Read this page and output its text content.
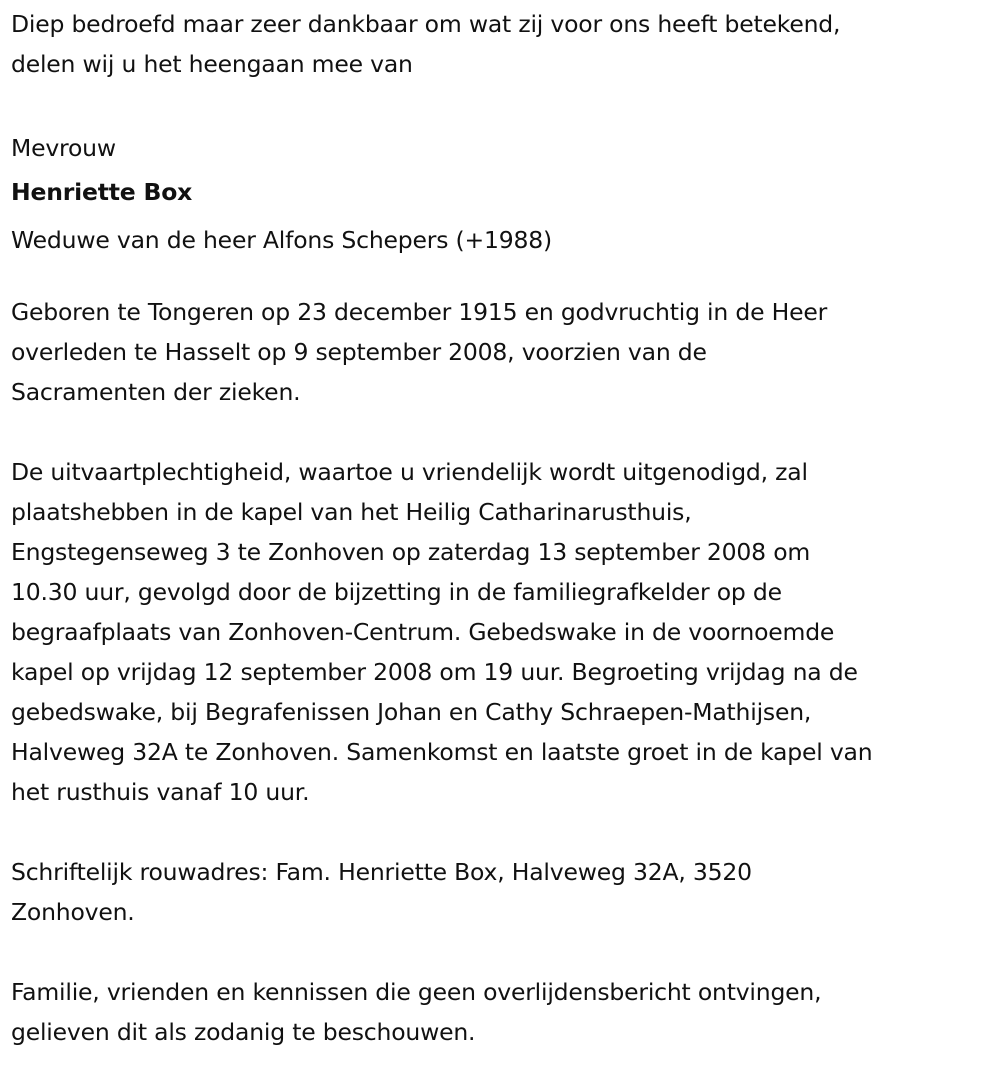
Diep bedroefd maar zeer dankbaar om wat zij voor ons heeft betekend,
delen wij u het heengaan mee van

Mevrouw

Henriette Box

Weduwe van de heer Alfons Schepers (+1988)

Geboren te Tongeren op 23 december 1915 en godvruchtig in de Heer
overleden te Hasselt op 9 september 2008, voorzien van de
Sacramenten der zieken.

De uitvaartplechtigheid, waartoe u vriendelijk wordt uitgenodigd, zal
plaatshebben in de kapel van het Heilig Catharinarusthuis,
Engstegenseweg 3 te Zonhoven op zaterdag 13 september 2008 om
10.30 uur, gevolgd door de bijzetting in de familiegrafkelder op de
begraafplaats van Zonhoven-Centrum. Gebedswake in de voornoemde
kapel op vrijdag 12 september 2008 om 19 uur. Begroeting vrijdag na de
gebedswake, bij Begrafenissen Johan en Cathy Schraepen-Mathijsen,
Halveweg 32A te Zonhoven. Samenkomst en laatste groet in de kapel van
het rusthuis vanaf 10 uur.

Schriftelijk rouwadres: Fam. Henriette Box, Halveweg 32A, 3520
Zonhoven.

Familie, vrienden en kennissen die geen overlijdensbericht ontvingen,
gelieven dit als zodanig te beschouwen.
